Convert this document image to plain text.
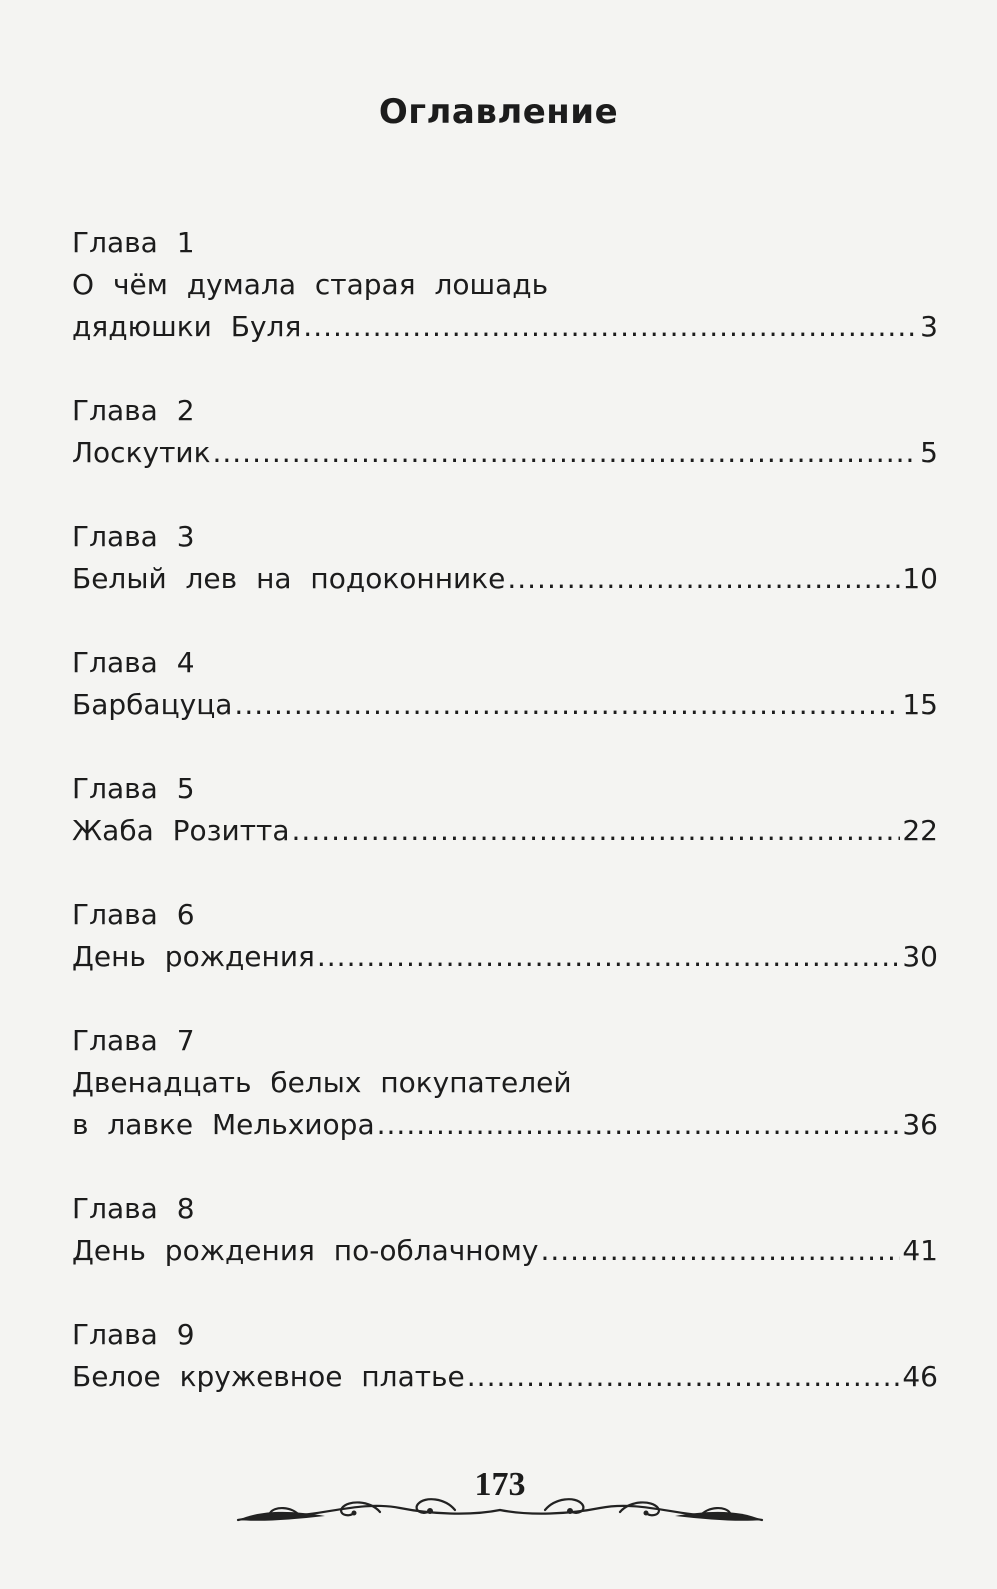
Оглавление
Глава 1
О чём думала старая лошадь
дядюшки Буля .....	3
Глава 2
Лоскутик .....	5
Глава 3
Белый лев на подоконнике .....	10
Глава 4
Барбацуца .....	15
Глава 5
Жаба Розитта .....	22
Глава 6
День рождения .....	30
Глава 7
Двенадцать белых покупателей
в лавке Мельхиора .....	36
Глава 8
День рождения по-облачному .....	41
Глава 9
Белое кружевное платье .....	46
173
